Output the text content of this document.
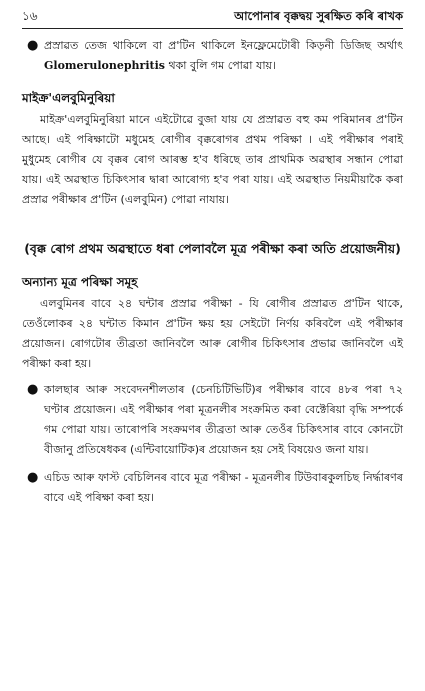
১৬	আপোনাৰ বৃক্কদ্বয় সুৰক্ষিত কৰি ৰাখক
● প্ৰস্ৰাৱত তেজ থাকিলে বা প্ৰ'টিন থাকিলে ইনফ্লেমেটোৰী কিড়নী ডিজিছ অৰ্থাৎ Glomerulonephritis থকা বুলি গম পোৱা যায়।

মাইক্ৰ'এলবুমিনুৰিয়া

মাইক্ৰ'এলবুমিনুৰিয়া মানে এইটোৱে বুজা যায় যে প্ৰস্ৰাৱত বহু কম পৰিমানৰ প্ৰ'টিন আছে। এই পৰিক্ষাটো মধুমেহ ৰোগীৰ বৃক্কৰোগৰ প্ৰথম পৰিক্ষা । এই পৰীক্ষাৰ পৰাই মুধুমেহ ৰোগীৰ যে বৃক্কৰ ৰোগ আৰম্ভ হ'ব ধৰিছে তাৰ প্ৰাথমিক অৱস্থাৰ সন্ধান পোৱা যায়। এই অৱস্থাত চিকিৎসাৰ দ্বাৰা আৰোগ্য হ'ব পৰা যায়। এই অৱস্থাত নিয়মীয়াকৈ কৰা প্ৰস্ৰাৱ পৰীক্ষাৰ প্ৰ'টিন (এলবুমিন) পোৱা নাযায়।

(বৃক্ক ৰোগ প্ৰথম অৱস্থাতে ধৰা পেলাবলৈ মূত্ৰ পৰীক্ষা কৰা অতি প্ৰয়োজনীয়)
অন্যান্য মূত্ৰ পৰিক্ষা সমূহ

এলবুমিনৰ বাবে ২৪ ঘন্টাৰ প্ৰস্ৰাৱ পৰীক্ষা - যি ৰোগীৰ প্ৰস্ৰাৱত প্ৰ'টিন থাকে, তেওঁলোকৰ ২৪ ঘন্টাত কিমান প্ৰ'টিন ক্ষয় হয় সেইটো নিৰ্ণয় কৰিবলৈ এই পৰীক্ষাৰ প্ৰয়োজন। ৰোগটোৰ তীব্ৰতা জানিবলৈ আৰু ৰোগীৰ চিকিৎসাৰ প্ৰভাৱ জানিবলৈ এই পৰীক্ষা কৰা হয়।

● কালছাৰ আৰু সংবেদনশীলতাৰ (চেনচিটিভিটি)ৰ পৰীক্ষাৰ বাবে ৪৮ৰ পৰা ৭২ ঘণ্টাৰ প্ৰয়োজন। এই পৰীক্ষাৰ পৰা মূত্ৰনলীৰ সংক্ৰমিত কৰা বেক্টেৰিয়া বৃদ্ধি সম্পৰ্কে গম পোৱা যায়। তাৰোপৰি সংক্ৰমণৰ তীব্ৰতা আৰু তেওঁৰ চিকিৎসাৰ বাবে কোনটো বীজানু প্ৰতিষেধকৰ (এন্টিবায়োটিক)ৰ প্ৰয়োজন হয় সেই বিষয়েও জনা যায়।

● এচিড আৰু ফাস্ট বেচিলিনৰ বাবে মূত্ৰ পৰীক্ষা - মূত্ৰনলীৰ টিউবাৰকুলচিছ নিৰ্দ্ধাৰণৰ বাবে এই পৰিক্ষা কৰা হয়।
